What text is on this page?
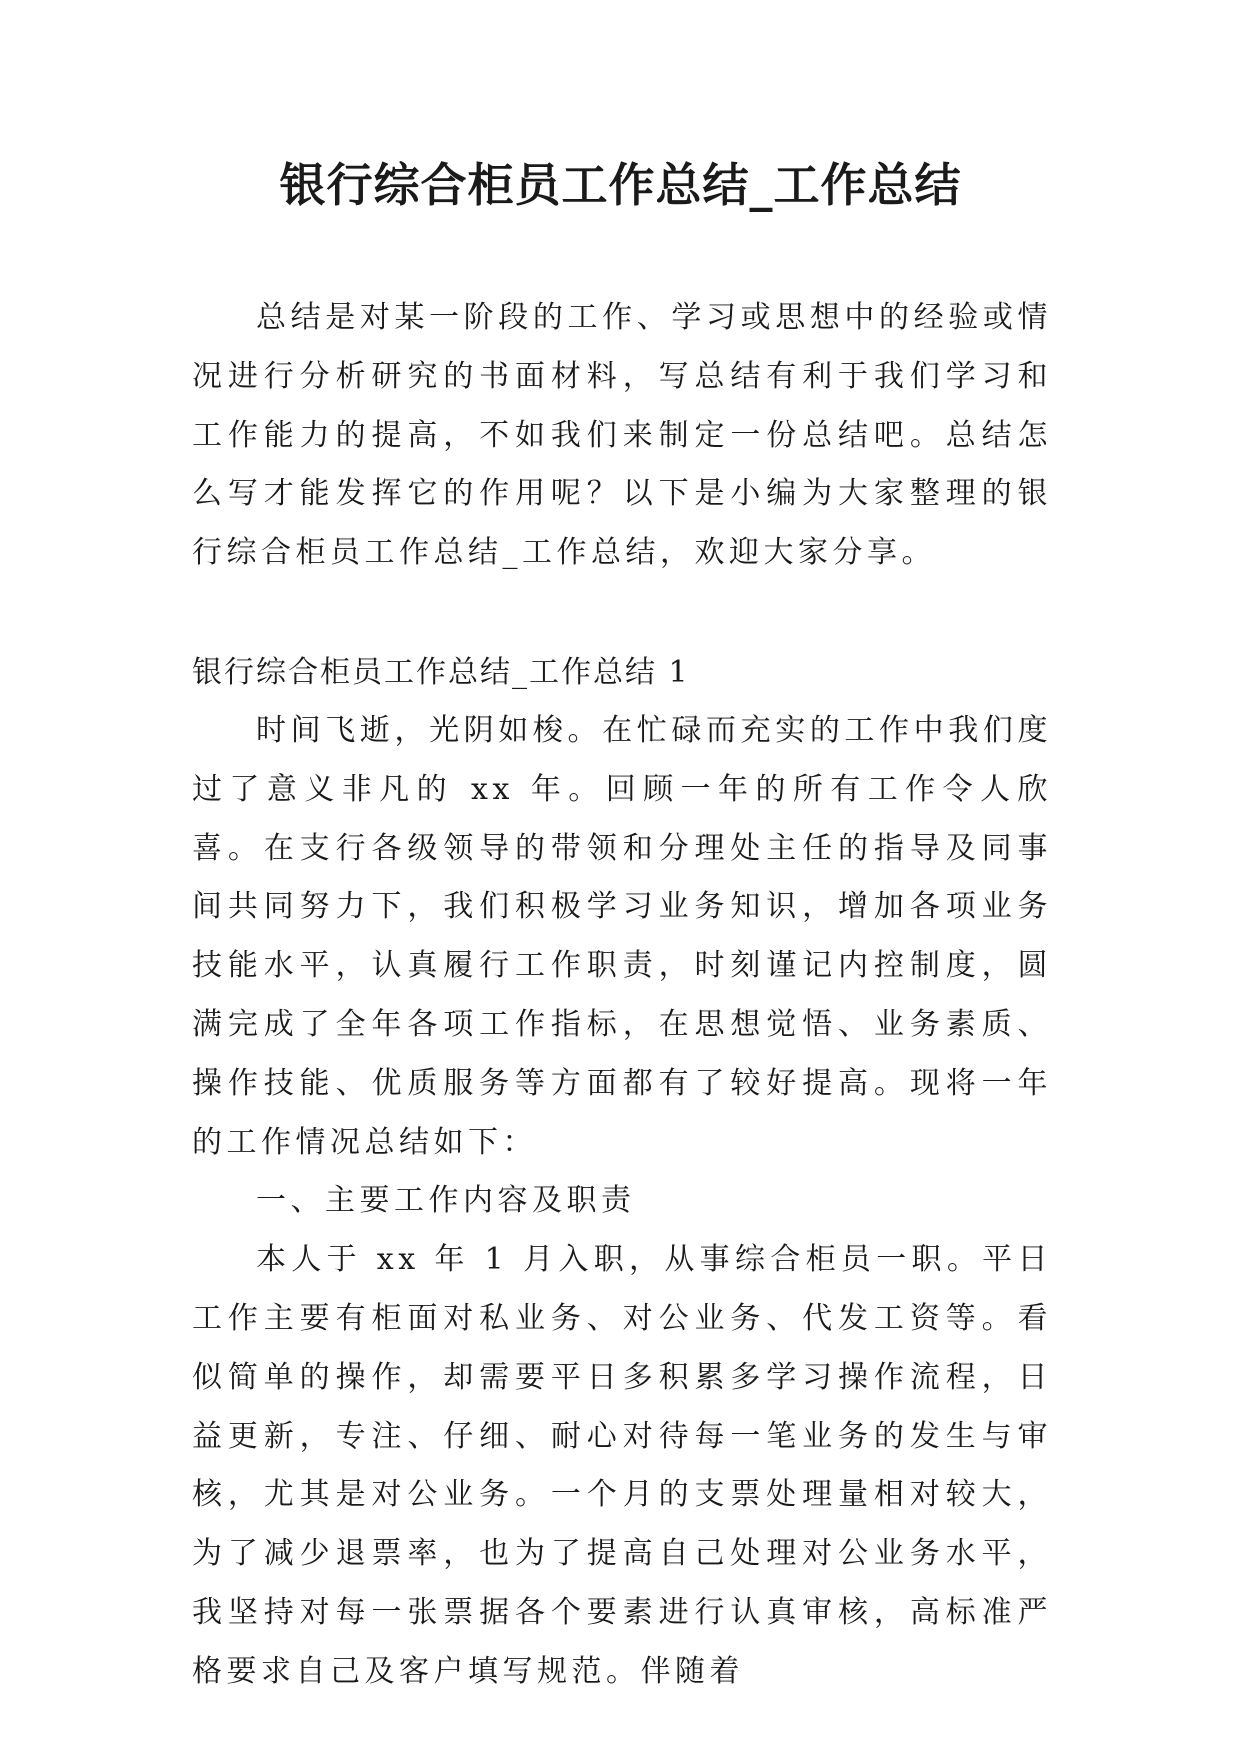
银行综合柜员工作总结_工作总结

总结是对某一阶段的工作、学习或思想中的经验或情况进行分析研究的书面材料，写总结有利于我们学习和工作能力的提高，不如我们来制定一份总结吧。总结怎么写才能发挥它的作用呢？以下是小编为大家整理的银行综合柜员工作总结_工作总结，欢迎大家分享。

银行综合柜员工作总结_工作总结 1

时间飞逝，光阴如梭。在忙碌而充实的工作中我们度过了意义非凡的 xx 年。回顾一年的所有工作令人欣喜。在支行各级领导的带领和分理处主任的指导及同事间共同努力下，我们积极学习业务知识，增加各项业务技能水平，认真履行工作职责，时刻谨记内控制度，圆满完成了全年各项工作指标，在思想觉悟、业务素质、操作技能、优质服务等方面都有了较好提高。现将一年的工作情况总结如下：

一、主要工作内容及职责

本人于 xx 年 1 月入职，从事综合柜员一职。平日工作主要有柜面对私业务、对公业务、代发工资等。看似简单的操作，却需要平日多积累多学习操作流程，日益更新，专注、仔细、耐心对待每一笔业务的发生与审核，尤其是对公业务。一个月的支票处理量相对较大，为了减少退票率，也为了提高自己处理对公业务水平，我坚持对每一张票据各个要素进行认真审核，高标准严格要求自己及客户填写规范。伴随着
